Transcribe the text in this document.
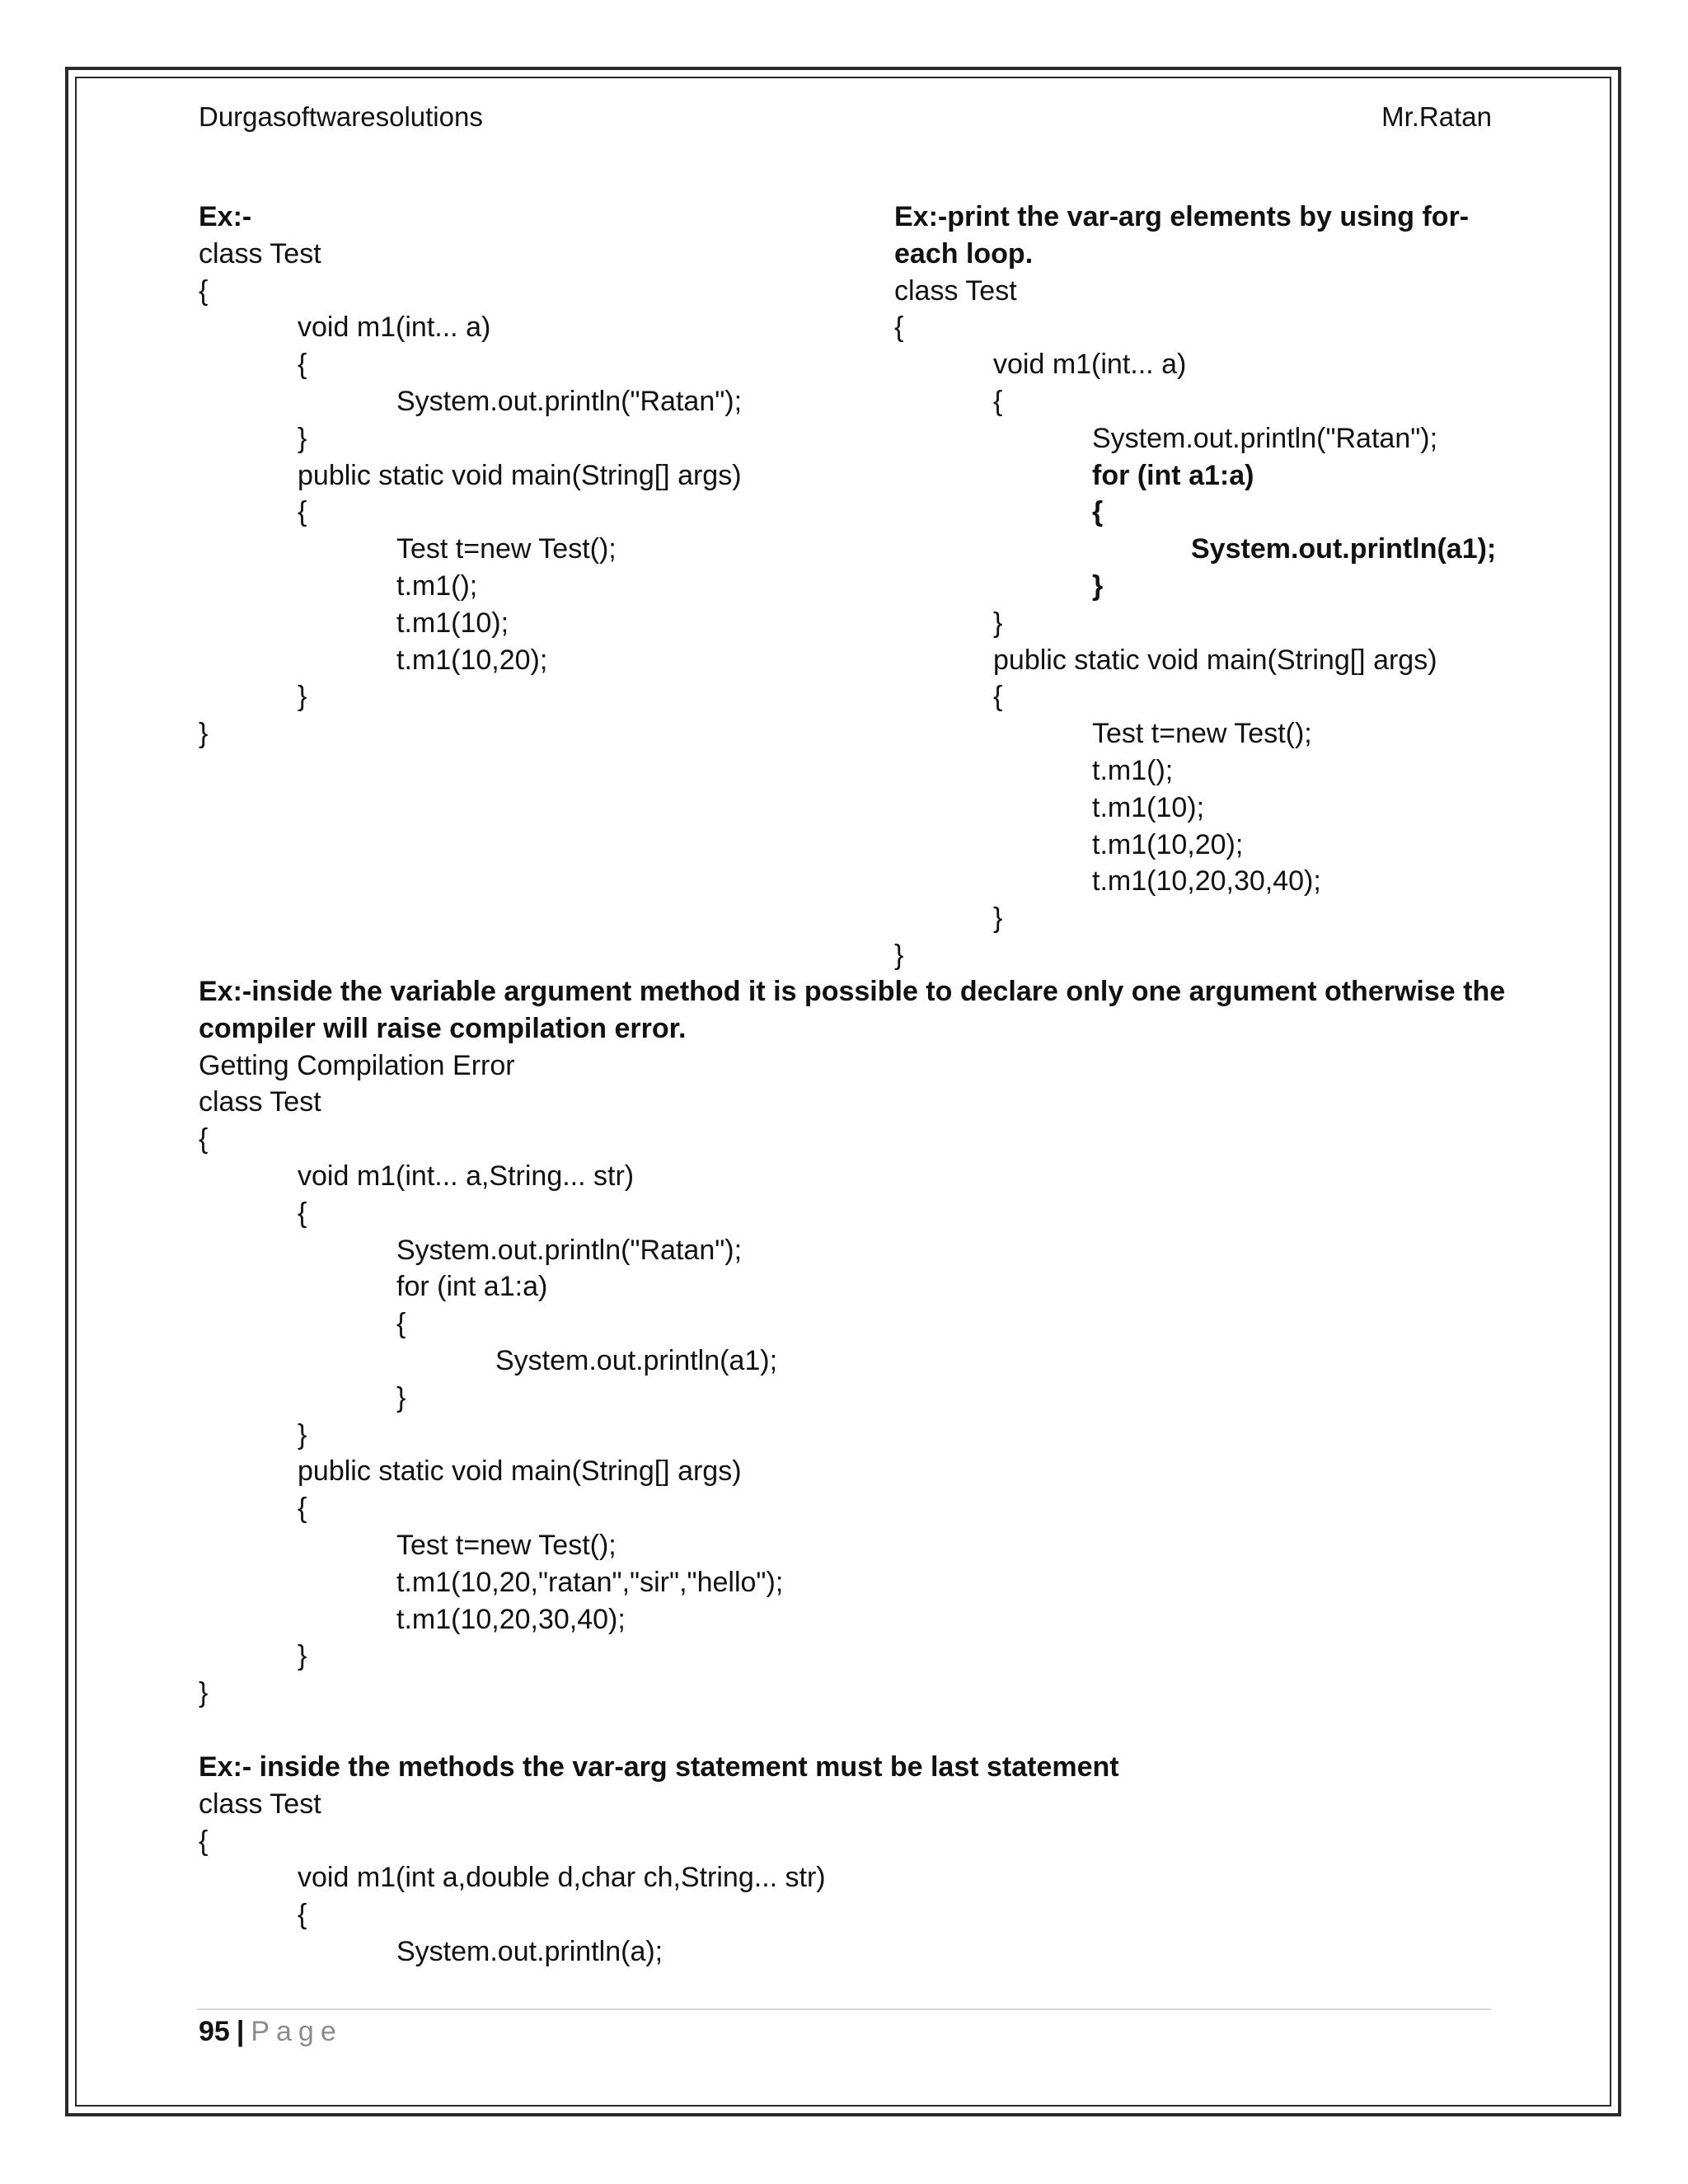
Durgasoftwaresolutions	Mr.Ratan
Ex:-
class Test
{
void m1(int... a)
{
System.out.println("Ratan");
}
public static void main(String[] args)
{
Test t=new Test();
t.m1();
t.m1(10);
t.m1(10,20);
}
}
Ex:-print the var-arg elements by using for-
each loop.
class Test
{
void m1(int... a)
{
System.out.println("Ratan");
for (int a1:a)
{
System.out.println(a1);
}
}
public static void main(String[] args)
{
Test t=new Test();
t.m1();
t.m1(10);
t.m1(10,20);
t.m1(10,20,30,40);
}
}
Ex:-inside the variable argument method it is possible to declare only one argument otherwise the
compiler will raise compilation error.
Getting Compilation Error
class Test
{
void m1(int... a,String... str)
{
System.out.println("Ratan");
for (int a1:a)
{
System.out.println(a1);
}
}
public static void main(String[] args)
{
Test t=new Test();
t.m1(10,20,"ratan","sir","hello");
t.m1(10,20,30,40);
}
}
Ex:- inside the methods the var-arg statement must be last statement
class Test
{
void m1(int a,double d,char ch,String... str)
{
System.out.println(a);
95 | Page
